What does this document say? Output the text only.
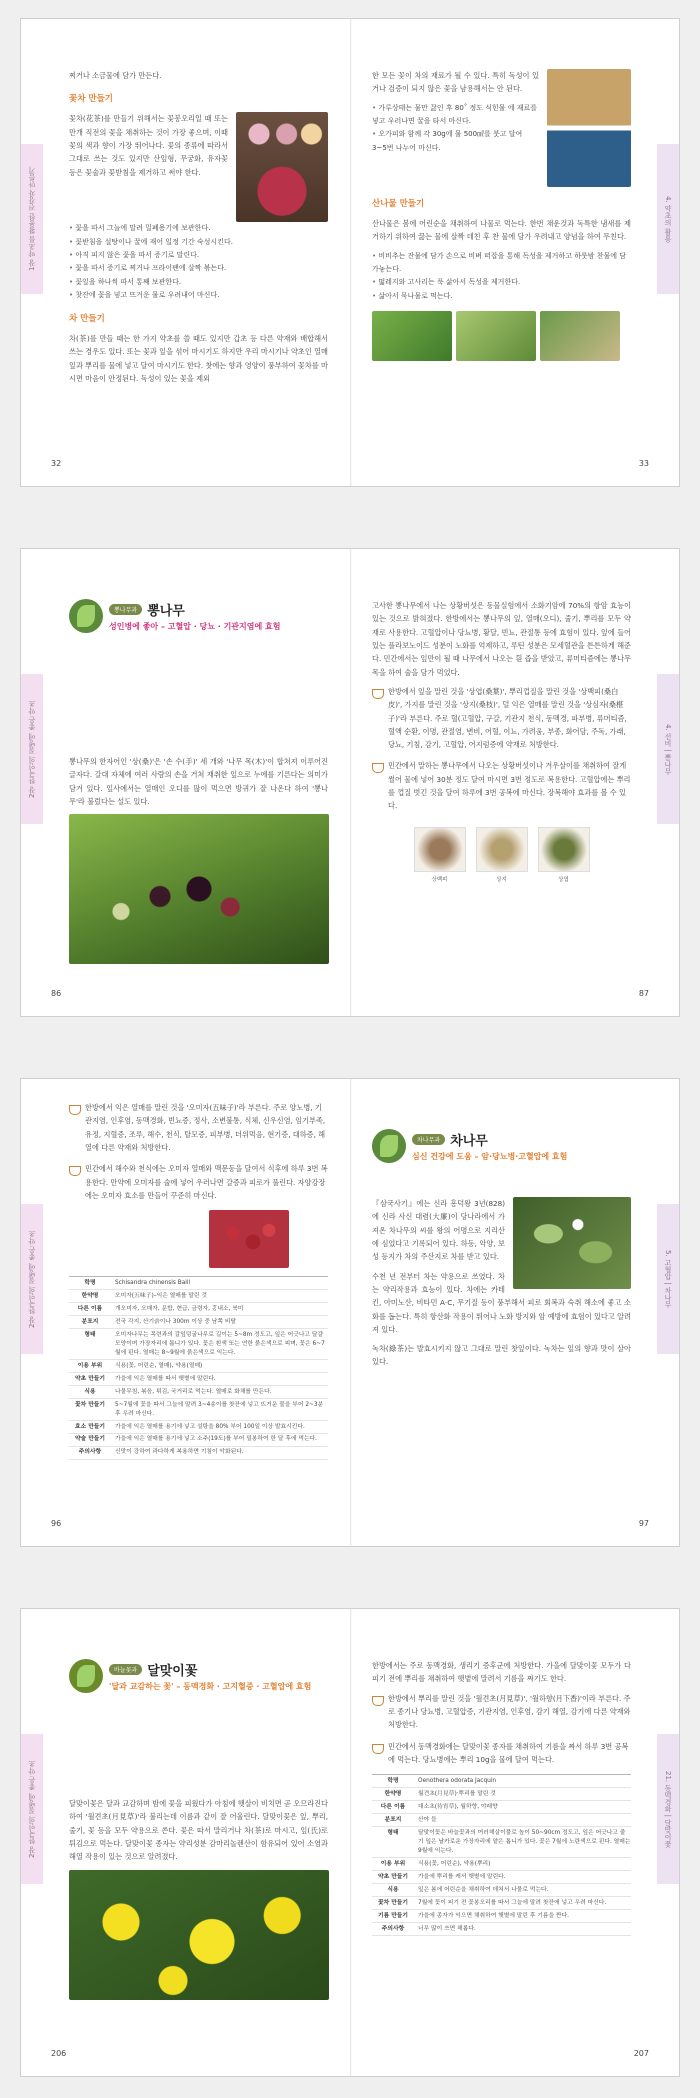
1장 약초를 활용한 건강차 만들기

찌거나 소금물에 담가 만든다.

꽃차 만들기

꽃차(花茶)를 만들기 위해서는 꽃봉오리일 때 또는 만개 직전의 꽃을 채취하는 것이 가장 좋으며, 이때 꽃의 색과 향이 가장 뛰어나다. 꽃의 종류에 따라서 그대로 쓰는 것도 있지만 산잎형, 무궁화, 유자꽃 등은 꽃술과 꽃받침을 제거하고 써야 한다.

• 꽃을 따서 그늘에 말려 밀폐용기에 보관한다.
• 꽃받침을 설탕이나 꿀에 재어 일정 기간 숙성시킨다.
• 아직 피지 않은 꽃을 따서 증기로 말린다.
• 꽃을 따서 증기로 찌거나 프라이팬에 살짝 볶는다.
• 꽃잎을 하나씩 따서 통째 보관한다.
• 찻잔에 꽃을 넣고 뜨거운 물로 우려내어 마신다.
차 만들기

차(茶)를 만들 때는 한 가지 약초를 쓸 때도 있지만 갑초 등 다른 약재와 배합해서 쓰는 경우도 있다. 또는 꽃과 잎을 섞어 마시기도 하지만 우리 마시기나 약초인 열매 잎과 뿌리를 물에 넣고 달여 마시기도 한다. 찻에는 향과 영양이 풍부하여 꽃차를 마시면 마음이 안정된다. 독성이 있는 꽃을 제외

32
4. 약초의 활용

한 모든 꽃이 차의 재료가 될 수 있다. 특히 독성이 있거나 검증이 되지 않은 꽃을 남용해서는 안 된다.

• 가루상태는 물만 끓인 후 80˚ 정도 식힌물 에 재료를 넣고 우러나면 꿀을 타서 마신다.
• 오가피와 함께 각 30g에 물 500㎖를 붓고 달여 3~5번 나누어 마신다.
산나물 만들기

산나물은 봄에 어린순을 채취하여 나물로 먹는다. 한번 채운것과 독특한 냄새를 제거하기 위하여 끓는 물에 살짝 데친 후 찬 물에 담가 우려내고 양념을 하여 무친다.

• 비비추는 잔물에 담가 손으로 비벼 떠잡을 통해 독성을 제거하고 하룻밤 찬물에 담가놓는다.
• 떫레지와 고사리는 푹 삶아서 독성을 제거한다.
• 삶아서 묵나물로 먹는다.
33
2장 한국인의 질병에 좋은 약초
뽕나무과 뽕나무
성인병에 좋아 – 고혈압 · 당뇨 · 기관지염에 효험

뽕나무의 한자어인 '상(桑)'은 '손 수(手)' 세 개와 '나무 목(木)'이 합쳐져 이루어진 글자다. 갈대 자체에 여러 사람의 손을 거쳐 재취한 잎으로 누에를 기른다는 의미가 담겨 있다. 잎사에서는 열매인 오디를 많이 먹으면 방귀가 잘 나온다 하여 '뽕나무'라 불렀다는 설도 있다.

86
4. 선비 | 뽕나무

고사한 뽕나무에서 나는 상황버섯은 동물실험에서 소화기암에 70%의 항암 효능이 있는 것으로 밝혀졌다. 한방에서는 뽕나무의 잎, 열매(오디), 줄기, 뿌리를 모두 약재로 사용한다. 고혈압이나 당뇨병, 황달, 빈뇨, 관절통 등에 효험이 있다. 잎에 들어 있는 플라보노이드 성분이 노화를 억제하고, 루틴 성분은 모세혈관을 튼튼하게 해준다. 민간에서는 잎만이 될 때 나무에서 나오는 흰 즙을 받았고, 류머티즘에는 뽕나무 목을 하여 술을 담가 먹었다.

한방에서 잎을 말린 것을 '상엽(桑葉)', 뿌리껍질을 말린 것을 '상백피(桑白皮)', 가지를 말린 것을 '상지(桑枝)', 덜 익은 열매를 말린 것을 '상심자(桑椹子)'라 부른다. 주로 혈(고혈압, 구갈, 기관지 천식, 동맥경, 파부병, 류머티즘, 혈액 순환, 이명, 관절염, 변비, 어혈, 이뇨, 가려움, 부종, 화어담, 주독, 가래, 당뇨, 기침, 감기, 고혈압, 어지럼증에 약재로 처방한다.
민간에서 말하는 뽕나무에서 나오는 상황버섯이나 겨우살이를 채취하여 잘게 썰어 물에 넣어 30분 정도 달여 마시면 3번 정도로 복용한다. 고혈압에는 뿌리를 껍질 벗긴 것을 달여 하루에 3번 공복에 마신다. 장복해야 효과를 볼 수 있다.
상백피	상지	상엽
87
2장 한국인의 질병에 좋은 약초
한방에서 익은 열매를 말린 것을 '오미자(五味子)'라 부른다. 주로 양노병, 기관지염, 인후염, 동맥경화, 빈뇨증, 정사, 소변불통, 식체, 신우신염, 임기부족, 유정, 지혈증, 조루, 해수, 천식, 탈모증, 피부병, 더위먹음, 현기증, 대하증, 해열에 다른 약재와 처방한다.
민간에서 해수와 천식에는 오미자 열매와 맥문동을 달여서 식후에 하루 3번 복용한다. 만약에 오미자를 술에 넣어 우러나면 갈증과 피로가 풀린다. 자양강장에는 오미자 효소를 만들어 꾸준히 마신다.
학명	Schisandra chinensis Baill
한약명	오미자(五味子)–익은 열매를 말린 것
다른 이름	개오미자, 오매자, 문합, 현급, 금령자, 홍내소, 북미
분포지	전국 각지, 산기슭이나 300m 이상 중 남쪽 비탈
형태	오미자나무는 목련과의 갈잎덩굴나무로 길이는 5~8m 정도고, 잎은 어긋나고 달걀 모양이며 가장자리에 톱니가 있다. 꽃은 흰색 또는 연한 붉은색으로 피며, 꽃은 6~7월에 핀다. 열매는 8~9월에 붉은색으로 익는다.
이용 부위	식용(꽃, 어린순, 열매), 약용(열매)
약초 만들기	가을에 익은 열매를 따서 햇볕에 말린다.
식용	나물무침, 볶음, 튀김, 국거리로 먹는다. 열매로 화채를 만든다.
꽃차 만들기	5~7월에 꽃을 따서 그늘에 말려 3~4송이를 찻잔에 넣고 뜨거운 물을 부어 2~3분 후 우려 마신다.
효소 만들기	가을에 익은 열매를 용기에 넣고 설탕을 80% 부어 100일 이상 발효시킨다.
약술 만들기	가을에 익은 열매를 용기에 넣고 소주(19도)를 부어 밀봉하여 한 달 후에 먹는다.
주의사항	신맛이 강하여 과다하게 복용하면 기침이 악화된다.
96
5. 고혈압 | 차나무
차나무과 차나무
심신 건강에 도움 – 암·당뇨병·고혈압에 효험

『삼국사기』에는 신라 흥덕왕 3년(828)에 신라 사신 대렴(大廉)이 당나라에서 가져온 차나무의 씨를 왕의 어명으로 지리산에 심었다고 기록되어 있다. 하동, 악양, 보성 등지가 차의 주산지로 차를 받고 있다.

수천 년 전부터 차는 약용으로 쓰였다. 차는 약리작용과 효능이 있다. 차에는 카테킨, 아미노산, 비타민 A·C, 무기질 등이 풍부해서 피로 회복과 숙취 해소에 좋고 소화를 돕는다. 특히 항산화 작용이 뛰어나 노화 방지와 암 예방에 효험이 있다고 알려져 있다.

녹차(綠茶)는 발효시키지 않고 그대로 말린 찻잎이다. 녹차는 잎의 향과 맛이 살아 있다.

97
2장 한국인의 질병에 좋은 약초
바늘꽃과 달맞이꽃
'달과 교감하는 꽃' – 동맥경화 · 고지혈증 · 고혈압에 효험

달맞이꽃은 달과 교감하며 밤에 꽃을 피웠다가 아침에 햇살이 비치면 곧 오므라진다 하여 '월견초(月見草)'라 불리는데 이름과 같이 잘 어울린다. 달맞이꽃은 잎, 뿌리, 줄기, 꽃 등을 모두 약용으로 쓴다. 꽃은 따서 말리거나 차(茶)로 마시고, 잎(氏)로 튀김으로 먹는다. 달맞이꽃 종자는 약리성분 감마리놀렌산이 함유되어 있어 소염과 해열 작용이 있는 것으로 알려졌다.

206
21. 동맥경화 | 달맞이꽃

한방에서는 주로 동맥경화, 생리기 증후군에 처방한다. 가을에 달맞이꽃 모두가 다 피기 전에 뿌리를 채취하여 햇볕에 말려서 기름을 짜기도 한다.

한방에서 뿌리를 말린 것을 '월견초(月見草)', '월하향(月下香)'이라 부른다. 주로 종기나 당뇨병, 고혈압증, 기관지염, 인후염, 감기 해열, 감기에 다른 약재와 처방한다.
민간에서 동맥경화에는 달맞이꽃 종자를 채취하여 기름을 짜서 하루 3번 공복에 먹는다. 당뇨병에는 뿌리 10g을 물에 달여 먹는다.
학명	Oenothera odorata Jacquin
한약명	월견초(月見草)·뿌리를 말린 것
다른 이름	대소초(待宵草), 월하향, 야래향
분포지	산야 들
형태	달맞이꽃은 바늘꽃과의 여러해살이풀로 높이 50~90cm 정도고, 잎은 어긋나고 줄기 잎은 날카로운 가장자리에 얕은 톱니가 있다. 꽃은 7월에 노란색으로 핀다. 열매는 9월에 익는다.
이용 부위	식용(꽃, 어린순), 약용(뿌리)
약초 만들기	가을에 뿌리를 캐서 햇볕에 말린다.
식용	잎은 봄에 어린순을 채취하여 데쳐서 나물로 먹는다.
꽃차 만들기	7월에 꽃이 피기 전 꽃봉오리를 따서 그늘에 말려 찻잔에 넣고 우려 마신다.
기름 만들기	가을에 종자가 익으면 채취하여 햇볕에 말린 후 기름을 짠다.
주의사항	너무 많이 쓰면 해롭다.
207
